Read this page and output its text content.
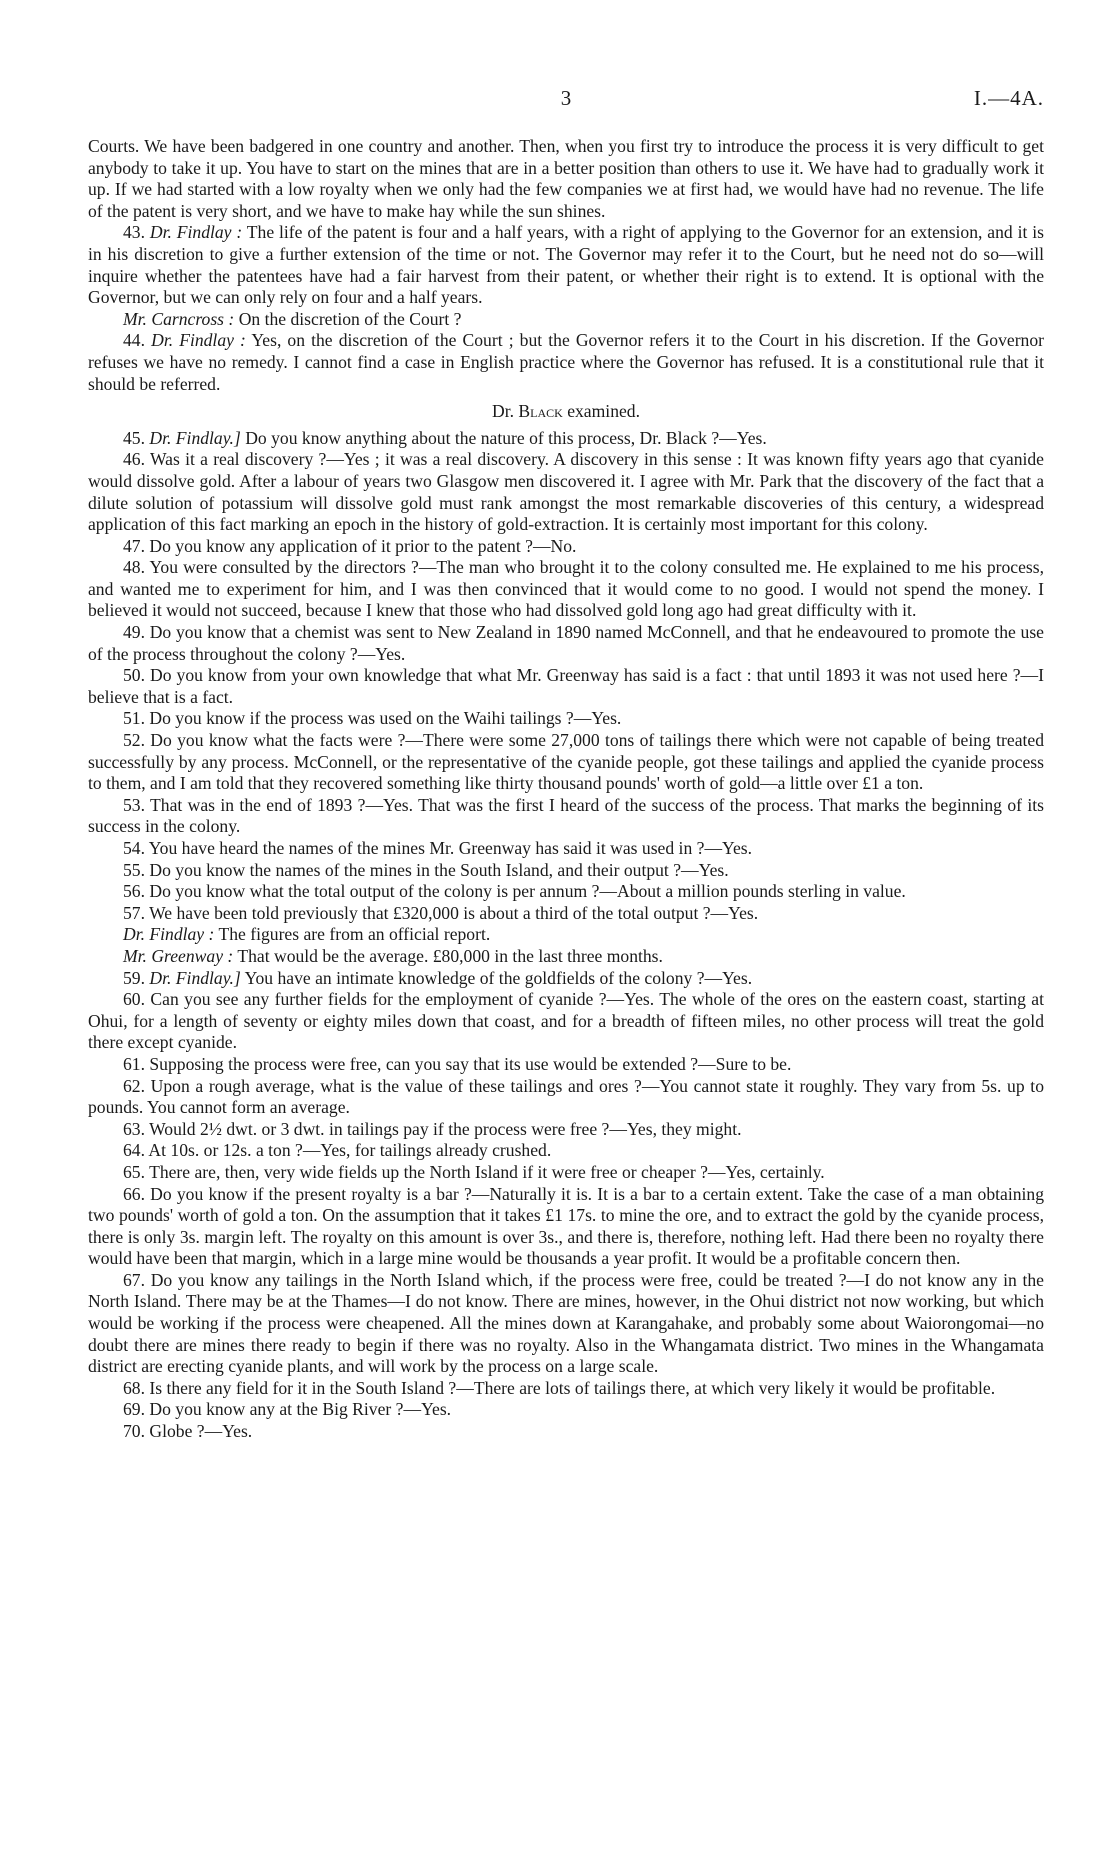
3	I.—4A.

Courts. We have been badgered in one country and another. Then, when you first try to introduce the process it is very difficult to get anybody to take it up. You have to start on the mines that are in a better position than others to use it. We have had to gradually work it up. If we had started with a low royalty when we only had the few companies we at first had, we would have had no revenue. The life of the patent is very short, and we have to make hay while the sun shines.

43. Dr. Findlay : The life of the patent is four and a half years, with a right of applying to the Governor for an extension, and it is in his discretion to give a further extension of the time or not. The Governor may refer it to the Court, but he need not do so—will inquire whether the patentees have had a fair harvest from their patent, or whether their right is to extend. It is optional with the Governor, but we can only rely on four and a half years.

Mr. Carncross : On the discretion of the Court ?

44. Dr. Findlay : Yes, on the discretion of the Court ; but the Governor refers it to the Court in his discretion. If the Governor refuses we have no remedy. I cannot find a case in English practice where the Governor has refused. It is a constitutional rule that it should be referred.

Dr. Black examined.

45. Dr. Findlay.] Do you know anything about the nature of this process, Dr. Black ?—Yes.

46. Was it a real discovery ?—Yes ; it was a real discovery. A discovery in this sense : It was known fifty years ago that cyanide would dissolve gold. After a labour of years two Glasgow men discovered it. I agree with Mr. Park that the discovery of the fact that a dilute solution of potassium will dissolve gold must rank amongst the most remarkable discoveries of this century, a widespread application of this fact marking an epoch in the history of gold-extraction. It is certainly most important for this colony.

47. Do you know any application of it prior to the patent ?—No.

48. You were consulted by the directors ?—The man who brought it to the colony consulted me. He explained to me his process, and wanted me to experiment for him, and I was then convinced that it would come to no good. I would not spend the money. I believed it would not succeed, because I knew that those who had dissolved gold long ago had great difficulty with it.

49. Do you know that a chemist was sent to New Zealand in 1890 named McConnell, and that he endeavoured to promote the use of the process throughout the colony ?—Yes.

50. Do you know from your own knowledge that what Mr. Greenway has said is a fact : that until 1893 it was not used here ?—I believe that is a fact.

51. Do you know if the process was used on the Waihi tailings ?—Yes.

52. Do you know what the facts were ?—There were some 27,000 tons of tailings there which were not capable of being treated successfully by any process. McConnell, or the representative of the cyanide people, got these tailings and applied the cyanide process to them, and I am told that they recovered something like thirty thousand pounds' worth of gold—a little over £1 a ton.

53. That was in the end of 1893 ?—Yes. That was the first I heard of the success of the process. That marks the beginning of its success in the colony.

54. You have heard the names of the mines Mr. Greenway has said it was used in ?—Yes.

55. Do you know the names of the mines in the South Island, and their output ?—Yes.

56. Do you know what the total output of the colony is per annum ?—About a million pounds sterling in value.

57. We have been told previously that £320,000 is about a third of the total output ?—Yes.

Dr. Findlay : The figures are from an official report.

Mr. Greenway : That would be the average. £80,000 in the last three months.

59. Dr. Findlay.] You have an intimate knowledge of the goldfields of the colony ?—Yes.

60. Can you see any further fields for the employment of cyanide ?—Yes. The whole of the ores on the eastern coast, starting at Ohui, for a length of seventy or eighty miles down that coast, and for a breadth of fifteen miles, no other process will treat the gold there except cyanide.

61. Supposing the process were free, can you say that its use would be extended ?—Sure to be.

62. Upon a rough average, what is the value of these tailings and ores ?—You cannot state it roughly. They vary from 5s. up to pounds. You cannot form an average.

63. Would 2½ dwt. or 3 dwt. in tailings pay if the process were free ?—Yes, they might.

64. At 10s. or 12s. a ton ?—Yes, for tailings already crushed.

65. There are, then, very wide fields up the North Island if it were free or cheaper ?—Yes, certainly.

66. Do you know if the present royalty is a bar ?—Naturally it is. It is a bar to a certain extent. Take the case of a man obtaining two pounds' worth of gold a ton. On the assumption that it takes £1 17s. to mine the ore, and to extract the gold by the cyanide process, there is only 3s. margin left. The royalty on this amount is over 3s., and there is, therefore, nothing left. Had there been no royalty there would have been that margin, which in a large mine would be thousands a year profit. It would be a profitable concern then.

67. Do you know any tailings in the North Island which, if the process were free, could be treated ?—I do not know any in the North Island. There may be at the Thames—I do not know. There are mines, however, in the Ohui district not now working, but which would be working if the process were cheapened. All the mines down at Karangahake, and probably some about Waiorongomai—no doubt there are mines there ready to begin if there was no royalty. Also in the Whangamata district. Two mines in the Whangamata district are erecting cyanide plants, and will work by the process on a large scale.

68. Is there any field for it in the South Island ?—There are lots of tailings there, at which very likely it would be profitable.

69. Do you know any at the Big River ?—Yes.

70. Globe ?—Yes.
